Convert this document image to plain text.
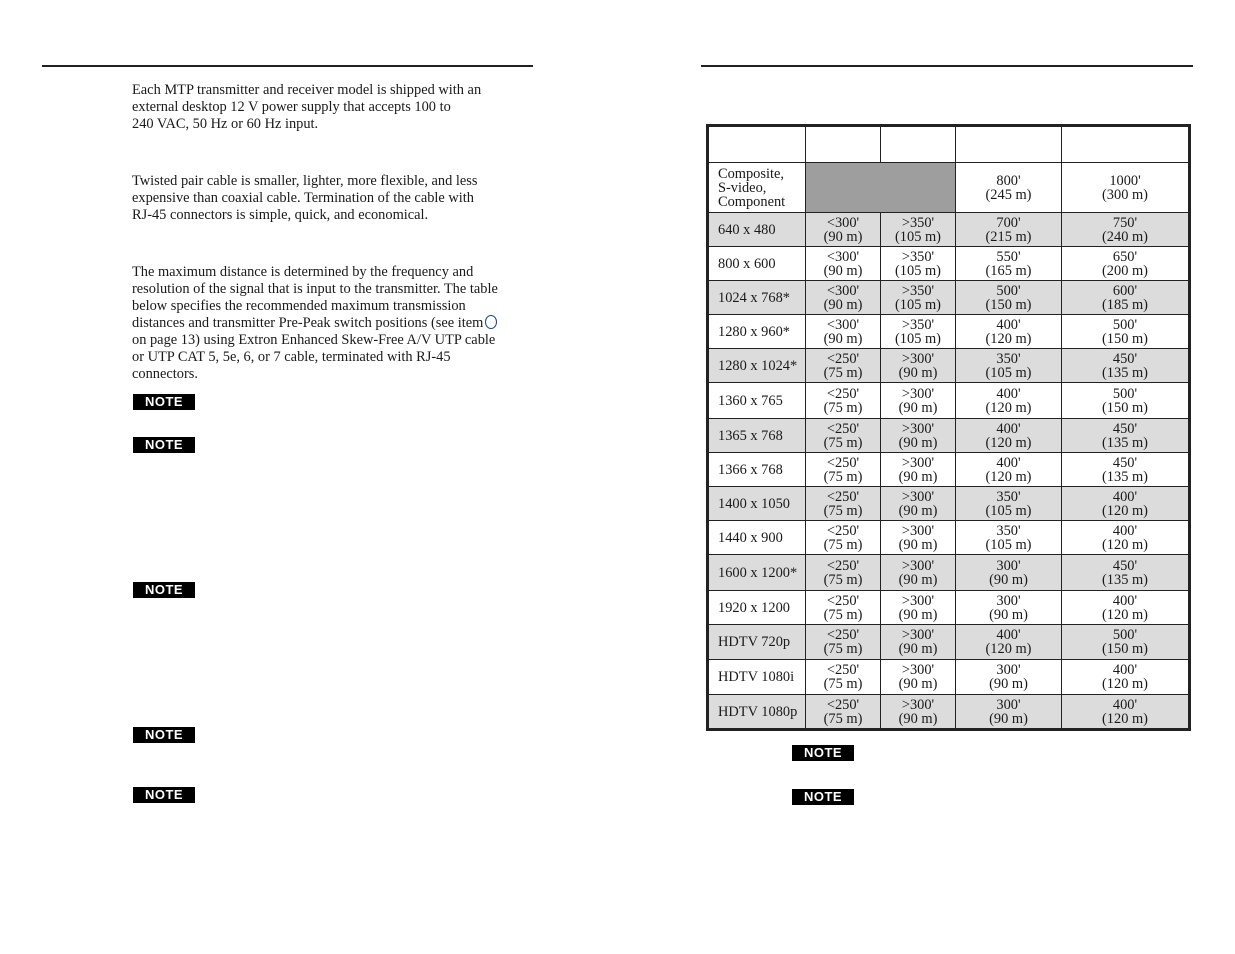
Each MTP transmitter and receiver model is shipped with an
external desktop 12 V power supply that accepts 100 to
240 VAC, 50 Hz or 60 Hz input.
Twisted pair cable is smaller, lighter, more flexible, and less
expensive than coaxial cable. Termination of the cable with
RJ-45 connectors is simple, quick, and economical.
The maximum distance is determined by the frequency and
resolution of the signal that is input to the transmitter. The table
below specifies the recommended maximum transmission
distances and transmitter Pre-Peak switch positions (see item
on page 13) using Extron Enhanced Skew-Free A/V UTP cable
or UTP CAT 5, 5e, 6, or 7 cable, terminated with RJ-45
connectors.
NOTE
NOTE
NOTE
NOTE
NOTE
NOTE
NOTE

Composite,
S-video,
Component			800'
(245 m)	1000'
(300 m)
640 x 480	<300'
(90 m)	>350'
(105 m)	700'
(215 m)	750'
(240 m)
800 x 600	<300'
(90 m)	>350'
(105 m)	550'
(165 m)	650'
(200 m)
1024 x 768*	<300'
(90 m)	>350'
(105 m)	500'
(150 m)	600'
(185 m)
1280 x 960*	<300'
(90 m)	>350'
(105 m)	400'
(120 m)	500'
(150 m)
1280 x 1024*	<250'
(75 m)	>300'
(90 m)	350'
(105 m)	450'
(135 m)
1360 x 765	<250'
(75 m)	>300'
(90 m)	400'
(120 m)	500'
(150 m)
1365 x 768	<250'
(75 m)	>300'
(90 m)	400'
(120 m)	450'
(135 m)
1366 x 768	<250'
(75 m)	>300'
(90 m)	400'
(120 m)	450'
(135 m)
1400 x 1050	<250'
(75 m)	>300'
(90 m)	350'
(105 m)	400'
(120 m)
1440 x 900	<250'
(75 m)	>300'
(90 m)	350'
(105 m)	400'
(120 m)
1600 x 1200*	<250'
(75 m)	>300'
(90 m)	300'
(90 m)	450'
(135 m)
1920 x 1200	<250'
(75 m)	>300'
(90 m)	300'
(90 m)	400'
(120 m)
HDTV 720p	<250'
(75 m)	>300'
(90 m)	400'
(120 m)	500'
(150 m)
HDTV 1080i	<250'
(75 m)	>300'
(90 m)	300'
(90 m)	400'
(120 m)
HDTV 1080p	<250'
(75 m)	>300'
(90 m)	300'
(90 m)	400'
(120 m)
